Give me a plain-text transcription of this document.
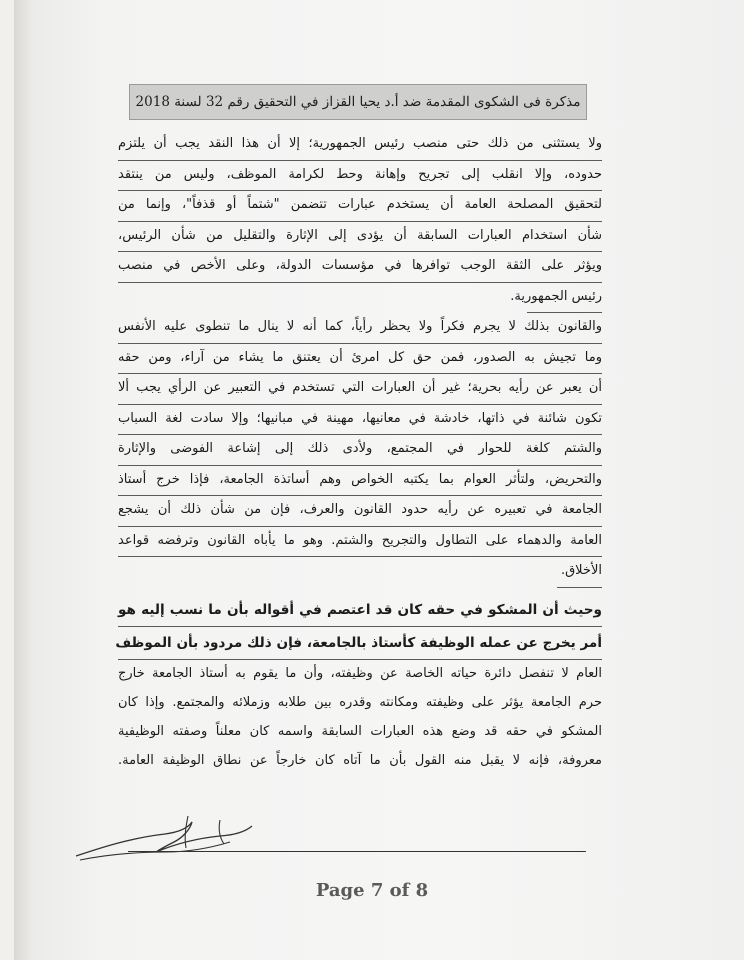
مذكرة فى الشكوى المقدمة ضد أ.د يحيا القزاز في التحقيق رقم 32 لسنة 2018
ولا يستثنى من ذلك حتى منصب رئيس الجمهورية؛ إلا أن هذا النقد يجب أن يلتزم
حدوده، وإلا انقلب إلى تجريح وإهانة وحط لكرامة الموظف، وليس من ينتقد
لتحقيق المصلحة العامة أن يستخدم عبارات تتضمن "شتماً أو قذفاً"، وإنما من
شأن استخدام العبارات السابقة أن يؤدى إلى الإثارة والتقليل من شأن الرئيس،
ويؤثر على الثقة الوجب توافرها في مؤسسات الدولة، وعلى الأخص في منصب
رئيس الجمهورية.
والقانون بذلك لا يجرم فكراً ولا يحظر رأياً، كما أنه لا ينال ما تنطوى عليه الأنفس
وما تجيش به الصدور، فمن حق كل امرئ أن يعتنق ما يشاء من آراء، ومن حقه
أن يعبر عن رأيه بحرية؛ غير أن العبارات التي تستخدم في التعبير عن الرأي يجب ألا
تكون شائنة في ذاتها، خادشة في معانيها، مهينة في مبانيها؛ وإلا سادت لغة السباب
والشتم كلغة للحوار في المجتمع، ولأدى ذلك إلى إشاعة الفوضى والإثارة
والتحريض، ولتأثر العوام بما يكتبه الخواص وهم أساتذة الجامعة، فإذا خرج أستاذ
الجامعة في تعبيره عن رأيه حدود القانون والعرف، فإن من شأن ذلك أن يشجع
العامة والدهماء على التطاول والتجريح والشتم. وهو ما يأباه القانون وترفضه قواعد
الأخلاق.
وحيث أن المشكو في حقه كان قد اعتصم في أقواله بأن ما نسب إليه هو
أمر يخرج عن عمله الوظيفة كأستاذ بالجامعة، فإن ذلك مردود بأن الموظف
العام لا تنفصل دائرة حياته الخاصة عن وظيفته، وأن ما يقوم به أستاذ الجامعة خارج
حرم الجامعة يؤثر على وظيفته ومكانته وقدره بين طلابه وزملائه والمجتمع. وإذا كان
المشكو في حقه قد وضع هذه العبارات السابقة واسمه كان معلناً وصفته الوظيفية
معروفة، فإنه لا يقبل منه القول بأن ما آتاه كان خارجاً عن نطاق الوظيفة العامة.
Page 7 of 8
